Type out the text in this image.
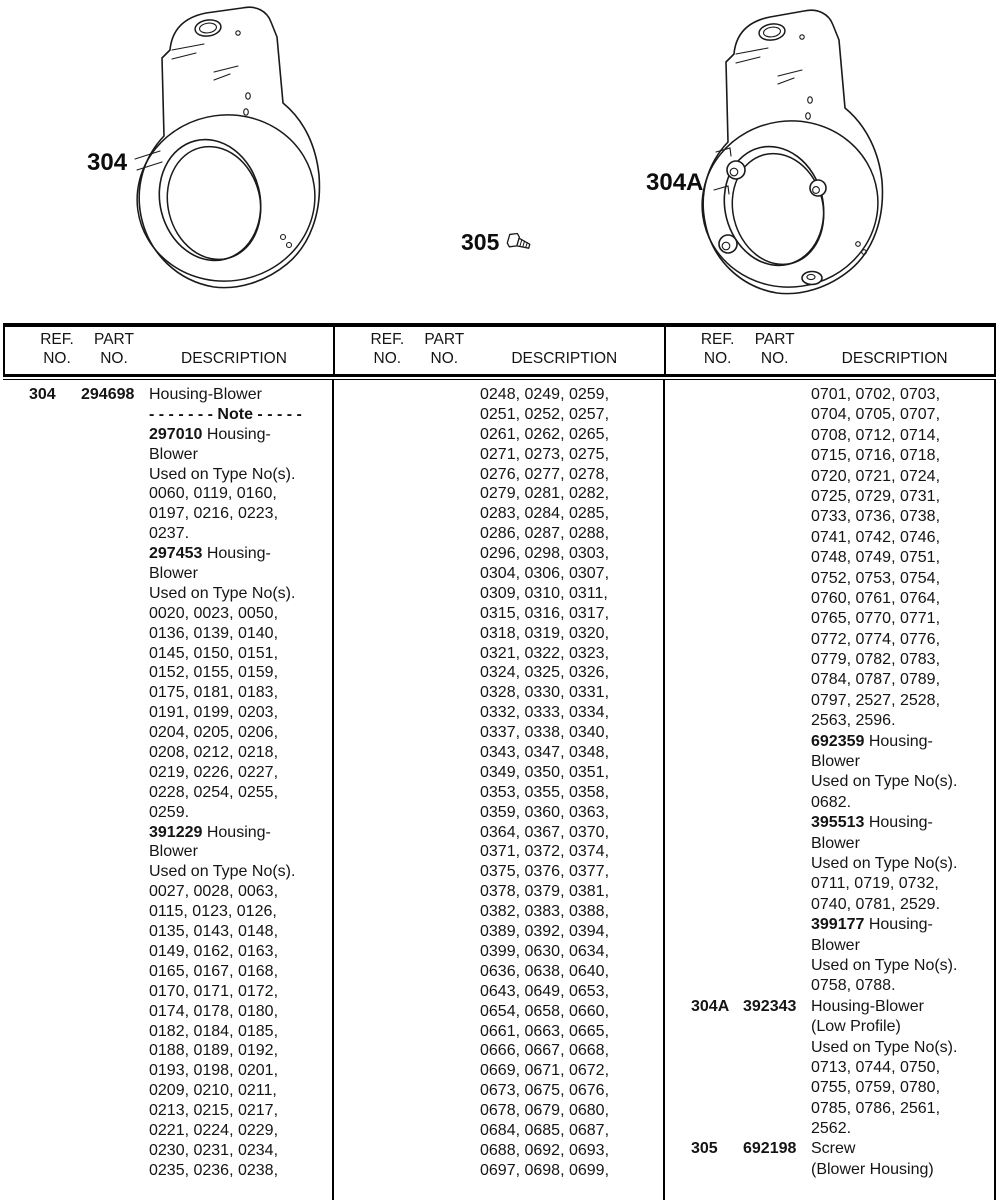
304
305
304A
REF.
NO.
PART
NO.	DESCRIPTION
REF.
NO.
PART
NO.	DESCRIPTION
REF.
NO.
PART
NO.	DESCRIPTION
304 294698 Housing-Blower
- - - - - - - Note - - - - -
297010 Housing-
Blower
Used on Type No(s).
0060, 0119, 0160,
0197, 0216, 0223,
0237.
297453 Housing-
Blower
Used on Type No(s).
0020, 0023, 0050,
0136, 0139, 0140,
0145, 0150, 0151,
0152, 0155, 0159,
0175, 0181, 0183,
0191, 0199, 0203,
0204, 0205, 0206,
0208, 0212, 0218,
0219, 0226, 0227,
0228, 0254, 0255,
0259.
391229 Housing-
Blower
Used on Type No(s).
0027, 0028, 0063,
0115, 0123, 0126,
0135, 0143, 0148,
0149, 0162, 0163,
0165, 0167, 0168,
0170, 0171, 0172,
0174, 0178, 0180,
0182, 0184, 0185,
0188, 0189, 0192,
0193, 0198, 0201,
0209, 0210, 0211,
0213, 0215, 0217,
0221, 0224, 0229,
0230, 0231, 0234,
0235, 0236, 0238,
0248, 0249, 0259,
0251, 0252, 0257,
0261, 0262, 0265,
0271, 0273, 0275,
0276, 0277, 0278,
0279, 0281, 0282,
0283, 0284, 0285,
0286, 0287, 0288,
0296, 0298, 0303,
0304, 0306, 0307,
0309, 0310, 0311,
0315, 0316, 0317,
0318, 0319, 0320,
0321, 0322, 0323,
0324, 0325, 0326,
0328, 0330, 0331,
0332, 0333, 0334,
0337, 0338, 0340,
0343, 0347, 0348,
0349, 0350, 0351,
0353, 0355, 0358,
0359, 0360, 0363,
0364, 0367, 0370,
0371, 0372, 0374,
0375, 0376, 0377,
0378, 0379, 0381,
0382, 0383, 0388,
0389, 0392, 0394,
0399, 0630, 0634,
0636, 0638, 0640,
0643, 0649, 0653,
0654, 0658, 0660,
0661, 0663, 0665,
0666, 0667, 0668,
0669, 0671, 0672,
0673, 0675, 0676,
0678, 0679, 0680,
0684, 0685, 0687,
0688, 0692, 0693,
0697, 0698, 0699,
0701, 0702, 0703,
0704, 0705, 0707,
0708, 0712, 0714,
0715, 0716, 0718,
0720, 0721, 0724,
0725, 0729, 0731,
0733, 0736, 0738,
0741, 0742, 0746,
0748, 0749, 0751,
0752, 0753, 0754,
0760, 0761, 0764,
0765, 0770, 0771,
0772, 0774, 0776,
0779, 0782, 0783,
0784, 0787, 0789,
0797, 2527, 2528,
2563, 2596.
692359 Housing-
Blower
Used on Type No(s).
0682.
395513 Housing-
Blower
Used on Type No(s).
0711, 0719, 0732,
0740, 0781, 2529.
399177 Housing-
Blower
Used on Type No(s).
0758, 0788.
304A 392343 Housing-Blower
(Low Profile)
Used on Type No(s).
0713, 0744, 0750,
0755, 0759, 0780,
0785, 0786, 2561,
2562.
305 692198 Screw
(Blower Housing)
